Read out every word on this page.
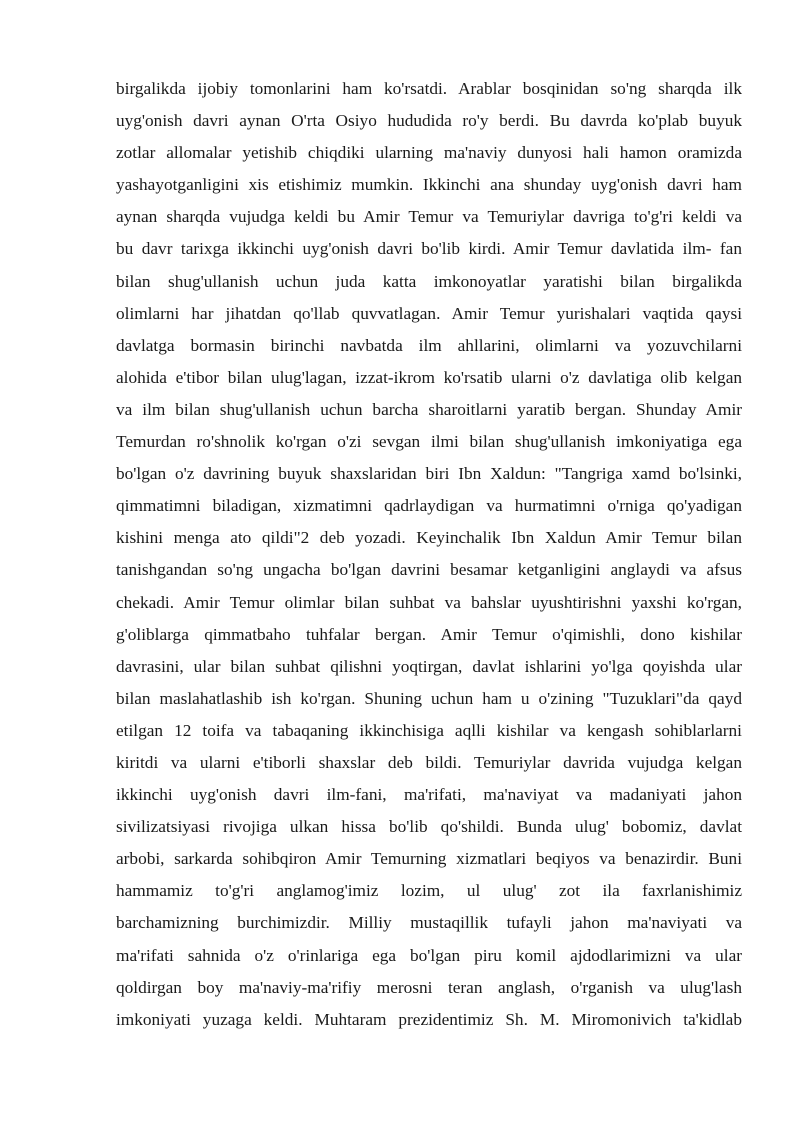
birgalikda ijobiy tomonlarini ham ko'rsatdi. Arablar bosqinidan so'ng sharqda ilk
uyg'onish davri aynan O'rta Osiyo hududida ro'y berdi. Bu davrda ko'plab buyuk
zotlar allomalar yetishib chiqdiki ularning ma'naviy dunyosi hali hamon oramizda
yashayotganligini xis etishimiz mumkin. Ikkinchi ana shunday uyg'onish davri ham
aynan sharqda vujudga keldi bu Amir Temur va Temuriylar davriga to'g'ri keldi va
bu davr tarixga ikkinchi uyg'onish davri bo'lib kirdi. Amir Temur davlatida ilm- fan
bilan shug'ullanish uchun juda katta imkonoyatlar yaratishi bilan birgalikda
olimlarni har jihatdan qo'llab quvvatlagan. Amir Temur yurishalari vaqtida qaysi
davlatga bormasin birinchi navbatda ilm ahllarini, olimlarni va yozuvchilarni
alohida e'tibor bilan ulug'lagan, izzat-ikrom ko'rsatib ularni o'z davlatiga olib kelgan
va ilm bilan shug'ullanish uchun barcha sharoitlarni yaratib bergan. Shunday Amir
Temurdan ro'shnolik ko'rgan o'zi sevgan ilmi bilan shug'ullanish imkoniyatiga ega
bo'lgan o'z davrining buyuk shaxslaridan biri Ibn Xaldun: "Tangriga xamd bo'lsinki,
qimmatimni biladigan, xizmatimni qadrlaydigan va hurmatimni o'rniga qo'yadigan
kishini menga ato qildi"2 deb yozadi. Keyinchalik Ibn Xaldun Amir Temur bilan
tanishgandan so'ng ungacha bo'lgan davrini besamar ketganligini anglaydi va afsus
chekadi. Amir Temur olimlar bilan suhbat va bahslar uyushtirishni yaxshi ko'rgan,
g'oliblarga qimmatbaho tuhfalar bergan. Amir Temur o'qimishli, dono kishilar
davrasini, ular bilan suhbat qilishni yoqtirgan, davlat ishlarini yo'lga qoyishda ular
bilan maslahatlashib ish ko'rgan. Shuning uchun ham u o'zining "Tuzuklari"da qayd
etilgan 12 toifa va tabaqaning ikkinchisiga aqlli kishilar va kengash sohiblarlarni
kiritdi va ularni e'tiborli shaxslar deb bildi. Temuriylar davrida vujudga kelgan
ikkinchi uyg'onish davri ilm-fani, ma'rifati, ma'naviyat va madaniyati jahon
sivilizatsiyasi rivojiga ulkan hissa bo'lib qo'shildi. Bunda ulug' bobomiz, davlat
arbobi, sarkarda sohibqiron Amir Temurning xizmatlari beqiyos va benazirdir. Buni
hammamiz to'g'ri anglamog'imiz lozim, ul ulug' zot ila faxrlanishimiz
barchamizning burchimizdir. Milliy mustaqillik tufayli jahon ma'naviyati va
ma'rifati sahnida o'z o'rinlariga ega bo'lgan piru komil ajdodlarimizni va ular
qoldirgan boy ma'naviy-ma'rifiy merosni teran anglash, o'rganish va ulug'lash
imkoniyati yuzaga keldi. Muhtaram prezidentimiz Sh. M. Miromonivich ta'kidlab
